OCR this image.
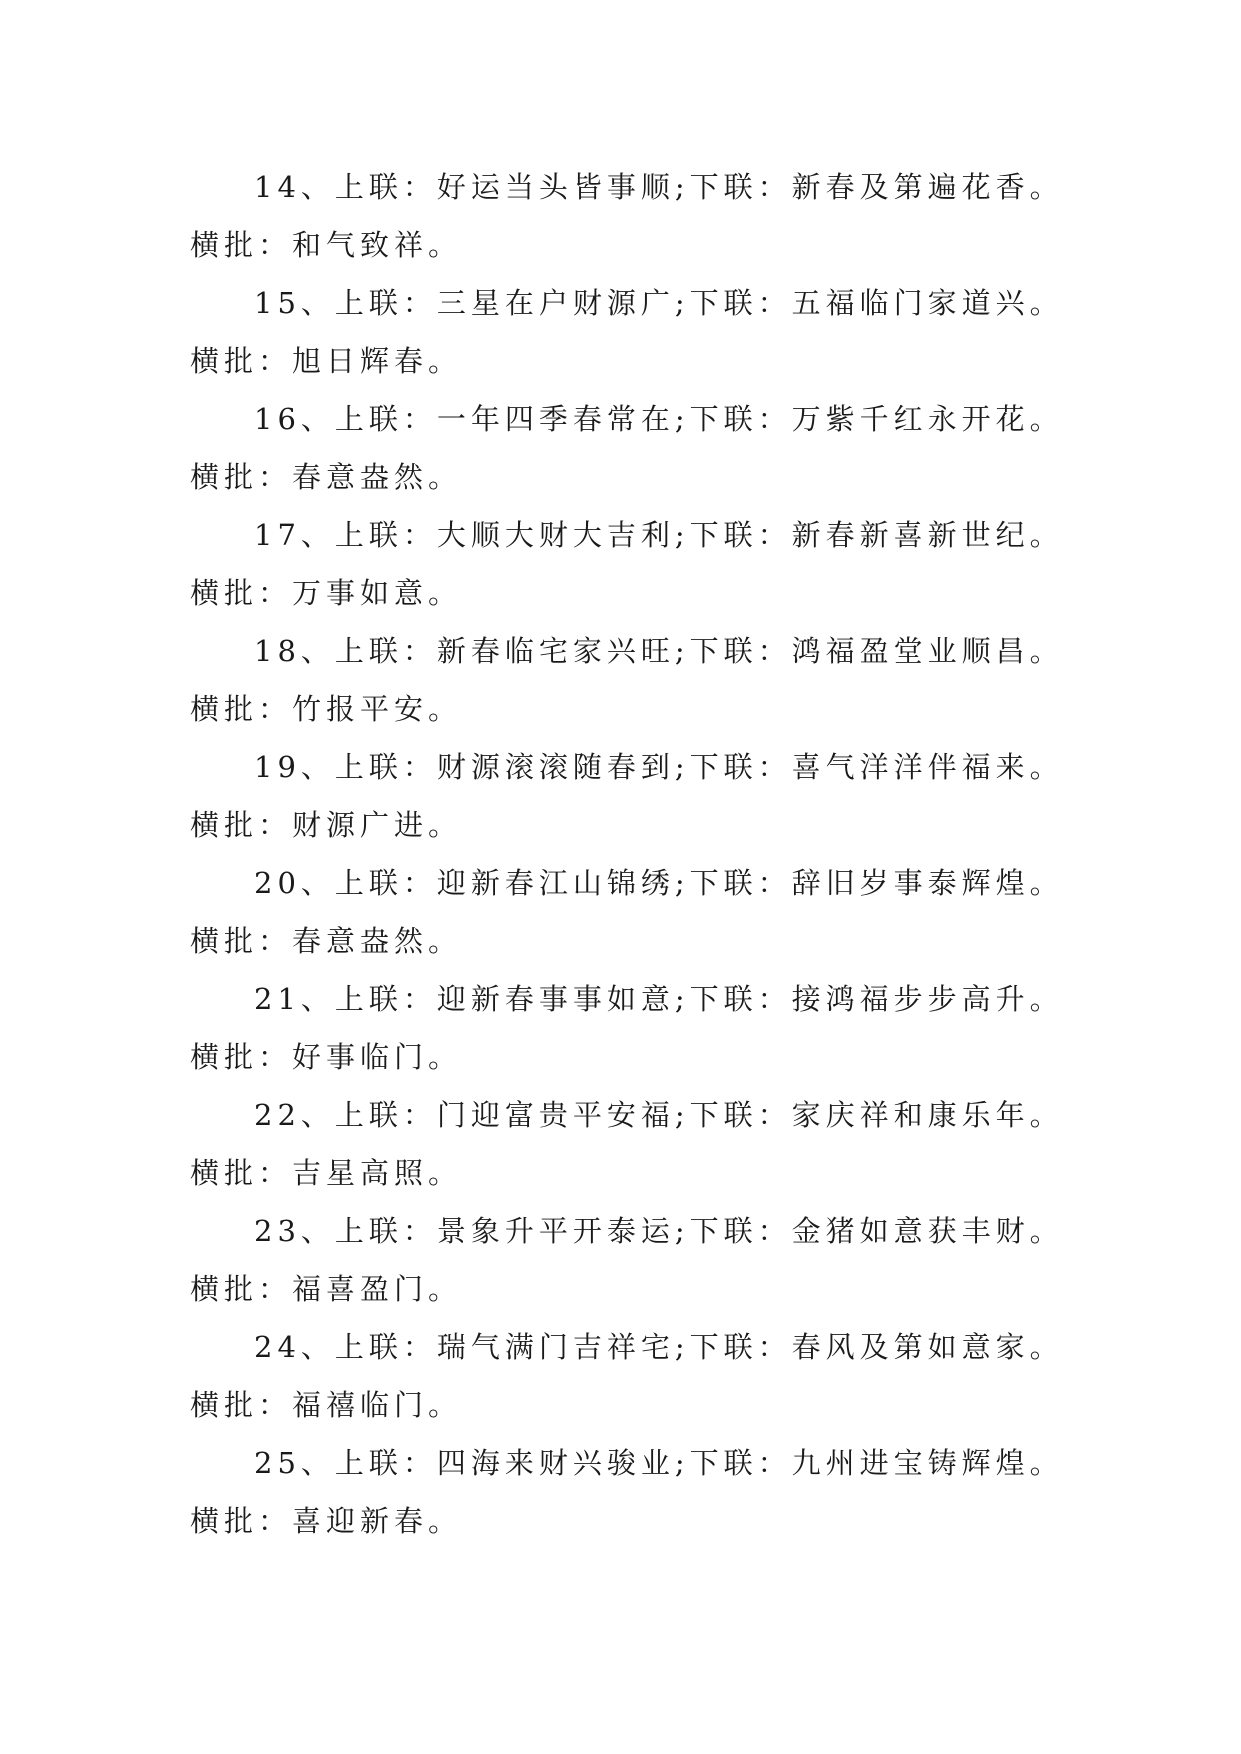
14、上联：好运当头皆事顺;下联：新春及第遍花香。
横批：和气致祥。
15、上联：三星在户财源广;下联：五福临门家道兴。
横批：旭日辉春。
16、上联：一年四季春常在;下联：万紫千红永开花。
横批：春意盎然。
17、上联：大顺大财大吉利;下联：新春新喜新世纪。
横批：万事如意。
18、上联：新春临宅家兴旺;下联：鸿福盈堂业顺昌。
横批：竹报平安。
19、上联：财源滚滚随春到;下联：喜气洋洋伴福来。
横批：财源广进。
20、上联：迎新春江山锦绣;下联：辞旧岁事泰辉煌。
横批：春意盎然。
21、上联：迎新春事事如意;下联：接鸿福步步高升。
横批：好事临门。
22、上联：门迎富贵平安福;下联：家庆祥和康乐年。
横批：吉星高照。
23、上联：景象升平开泰运;下联：金猪如意获丰财。
横批：福喜盈门。
24、上联：瑞气满门吉祥宅;下联：春风及第如意家。
横批：福禧临门。
25、上联：四海来财兴骏业;下联：九州进宝铸辉煌。
横批：喜迎新春。
